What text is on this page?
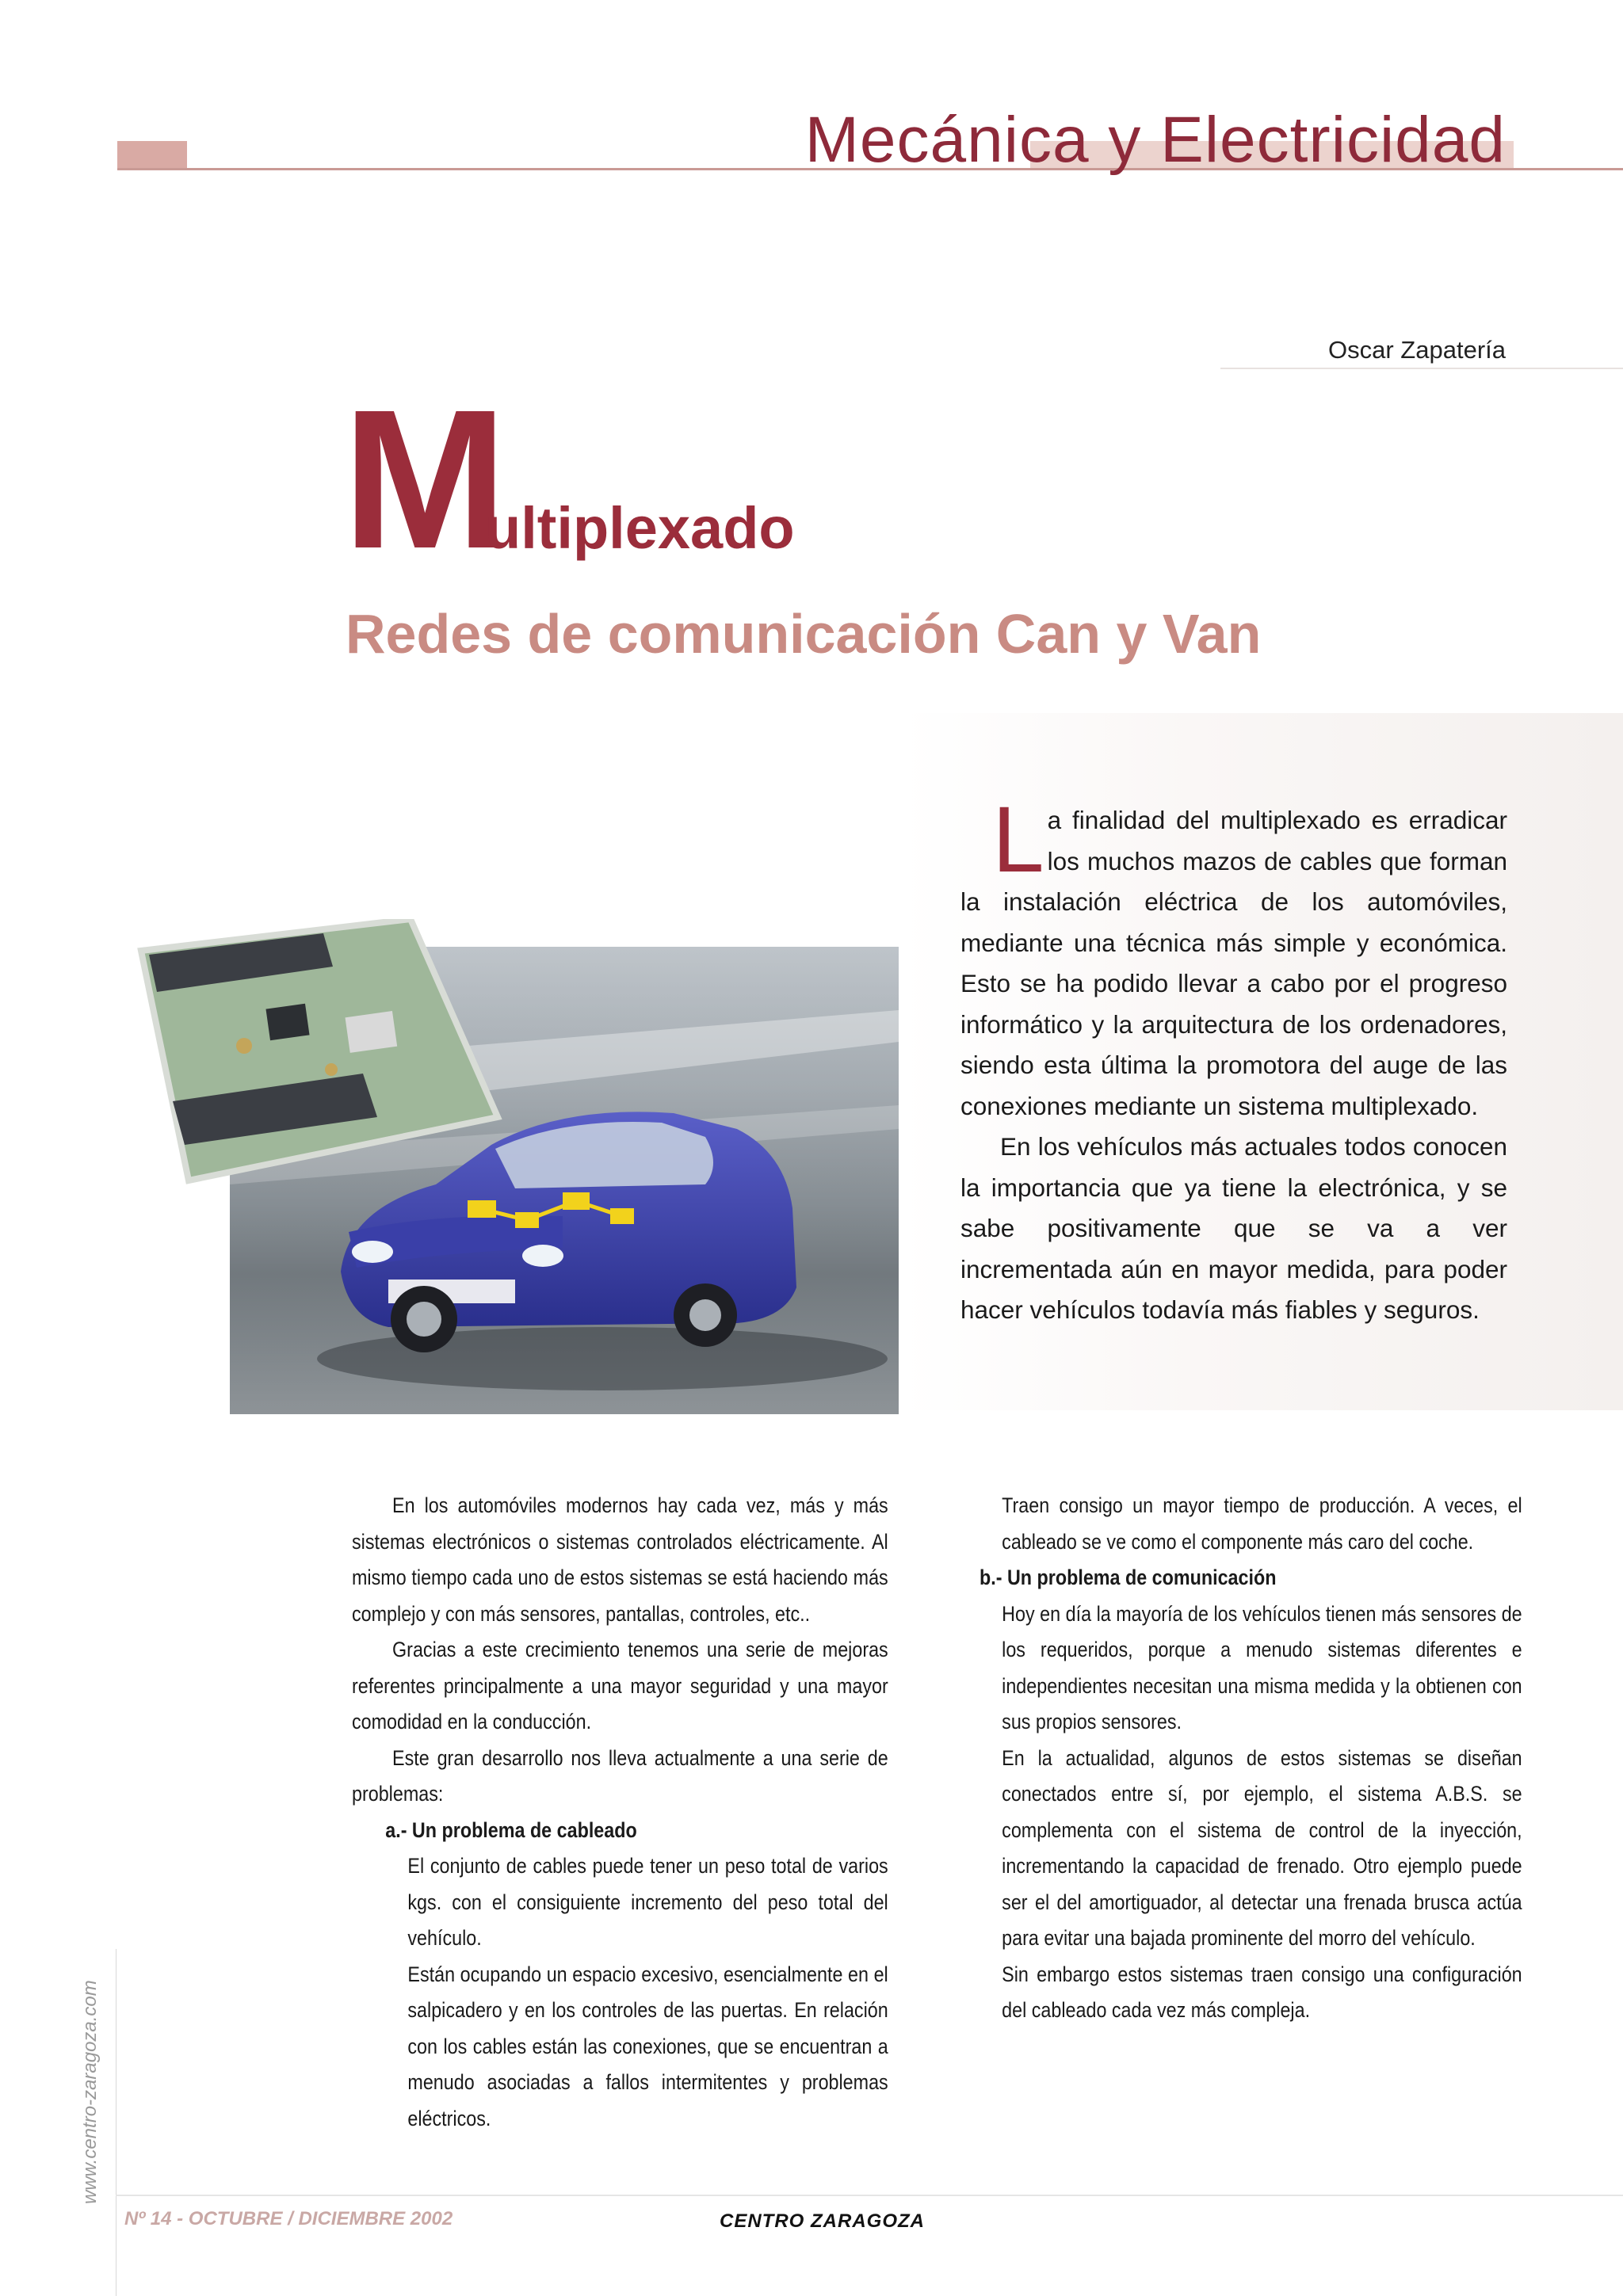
Mecánica y Electricidad
Oscar Zapatería
M
ultiplexado
Redes de comunicación Can y Van

La finalidad del multiplexado es erradicar los muchos mazos de cables que forman la instalación eléctrica de los automóviles, mediante una técnica más simple y económica. Esto se ha podido llevar a cabo por el progreso informático y la arquitectura de los ordenadores, siendo esta última la promotora del auge de las conexiones mediante un sistema multiplexado.

En los vehículos más actuales todos conocen la importancia que ya tiene la electrónica, y se sabe positivamente que se va a ver incrementada aún en mayor medida, para poder hacer vehículos todavía más fiables y seguros.

En los automóviles modernos hay cada vez, más y más sistemas electrónicos o sistemas controlados eléctricamente. Al mismo tiempo cada uno de estos sistemas se está haciendo más complejo y con más sensores, pantallas, controles, etc..

Gracias a este crecimiento tenemos una serie de mejoras referentes principalmente a una mayor seguridad y una mayor comodidad en la conducción.

Este gran desarrollo nos lleva actualmente a una serie de problemas:

a.- Un problema de cableado

El conjunto de cables puede tener un peso total de varios kgs. con el consiguiente incremento del peso total del vehículo.

Están ocupando un espacio excesivo, esencialmente en el salpicadero y en los controles de las puertas. En relación con los cables están las conexiones, que se encuentran a menudo asociadas a fallos intermitentes y problemas eléctricos.

Traen consigo un mayor tiempo de producción. A veces, el cableado se ve como el componente más caro del coche.

b.- Un problema de comunicación

Hoy en día la mayoría de los vehículos tienen más sensores de los requeridos, porque a menudo sistemas diferentes e independientes necesitan una misma medida y la obtienen con sus propios sensores.

En la actualidad, algunos de estos sistemas se diseñan conectados entre sí, por ejemplo, el sistema A.B.S. se complementa con el sistema de control de la inyección, incrementando la capacidad de frenado. Otro ejemplo puede ser el del amortiguador, al detectar una frenada brusca actúa para evitar una bajada prominente del morro del vehículo.

Sin embargo estos sistemas traen consigo una configuración del cableado cada vez más compleja.

www.centro-zaragoza.com
Nº 14 - OCTUBRE / DICIEMBRE 2002	CENTRO ZARAGOZA
